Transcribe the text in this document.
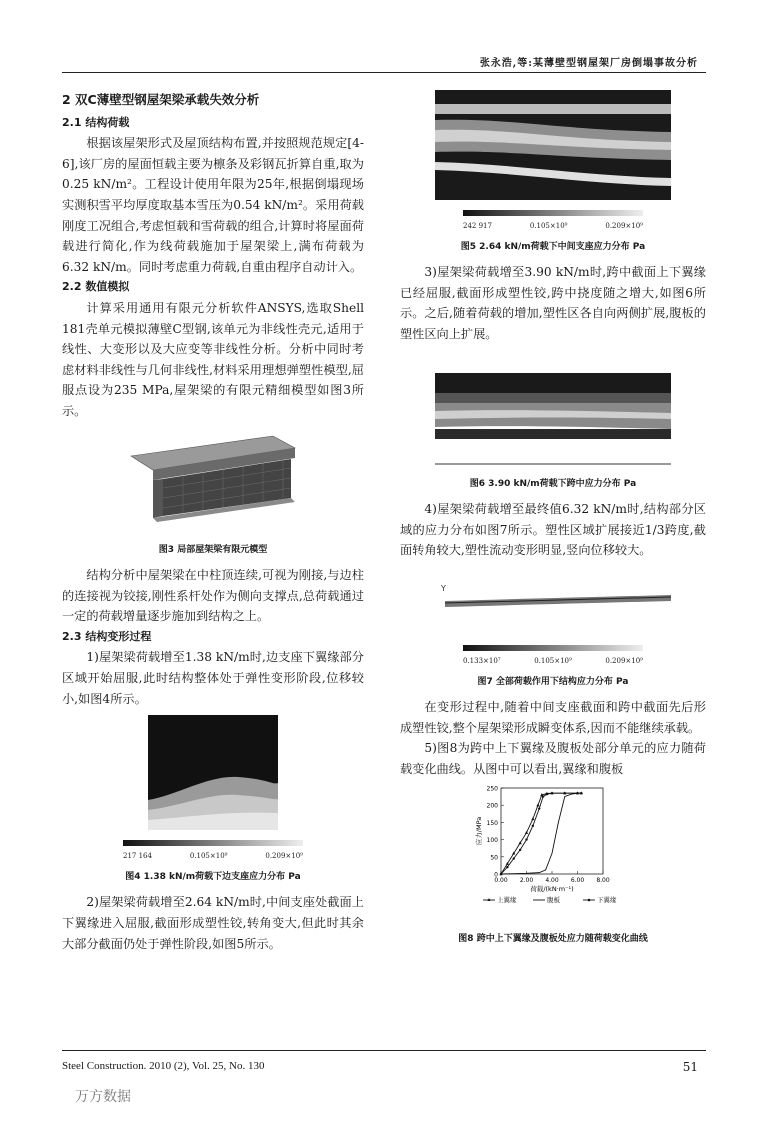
张永浩,等:某薄壁型钢屋架厂房倒塌事故分析
2 双C薄壁型钢屋架梁承载失效分析
2.1 结构荷载

根据该屋架形式及屋顶结构布置,并按照规范规定[4-6],该厂房的屋面恒载主要为檩条及彩钢瓦折算自重,取为0.25 kN/m²。工程设计使用年限为25年,根据倒塌现场实测积雪平均厚度取基本雪压为0.54 kN/m²。采用荷载刚度工况组合,考虑恒载和雪荷载的组合,计算时将屋面荷载进行简化,作为线荷载施加于屋架梁上,满布荷载为6.32 kN/m。同时考虑重力荷载,自重由程序自动计入。

2.2 数值模拟

计算采用通用有限元分析软件ANSYS,选取Shell 181壳单元模拟薄壁C型钢,该单元为非线性壳元,适用于线性、大变形以及大应变等非线性分析。分析中同时考虑材料非线性与几何非线性,材料采用理想弹塑性模型,屈服点设为235 MPa,屋架梁的有限元精细模型如图3所示。

图3 局部屋架梁有限元模型

结构分析中屋架梁在中柱顶连续,可视为刚接,与边柱的连接视为铰接,刚性系杆处作为侧向支撑点,总荷载通过一定的荷载增量逐步施加到结构之上。

2.3 结构变形过程

1)屋架梁荷载增至1.38 kN/m时,边支座下翼缘部分区域开始屈服,此时结构整体处于弹性变形阶段,位移较小,如图4所示。

217 164	0.105×10⁹	0.209×10⁹
图4 1.38 kN/m荷载下边支座应力分布 Pa

2)屋架梁荷载增至2.64 kN/m时,中间支座处截面上下翼缘进入屈服,截面形成塑性铰,转角变大,但此时其余大部分截面仍处于弹性阶段,如图5所示。

242 917	0.105×10⁹	0.209×10⁹
图5 2.64 kN/m荷载下中间支座应力分布 Pa

3)屋架梁荷载增至3.90 kN/m时,跨中截面上下翼缘已经屈服,截面形成塑性铰,跨中挠度随之增大,如图6所示。之后,随着荷载的增加,塑性区各自向两侧扩展,腹板的塑性区向上扩展。

图6 3.90 kN/m荷载下跨中应力分布 Pa

4)屋架梁荷载增至最终值6.32 kN/m时,结构部分区域的应力分布如图7所示。塑性区域扩展接近1/3跨度,截面转角较大,塑性流动变形明显,竖向位移较大。

Y
0.133×10⁷	0.105×10⁹	0.209×10⁹
图7 全部荷载作用下结构应力分布 Pa

在变形过程中,随着中间支座截面和跨中截面先后形成塑性铰,整个屋架梁形成瞬变体系,因而不能继续承载。

5)图8为跨中上下翼缘及腹板处部分单元的应力随荷载变化曲线。从图中可以看出,翼缘和腹板

0
50
100
150
200
250
0.00 2.00 4.00 6.00 8.00
荷载/(kN·m⁻¹)
应力/MPa
上翼缘	腹板	下翼缘
图8 跨中上下翼缘及腹板处应力随荷载变化曲线
Steel Construction. 2010 (2), Vol. 25, No. 130	51
万方数据
